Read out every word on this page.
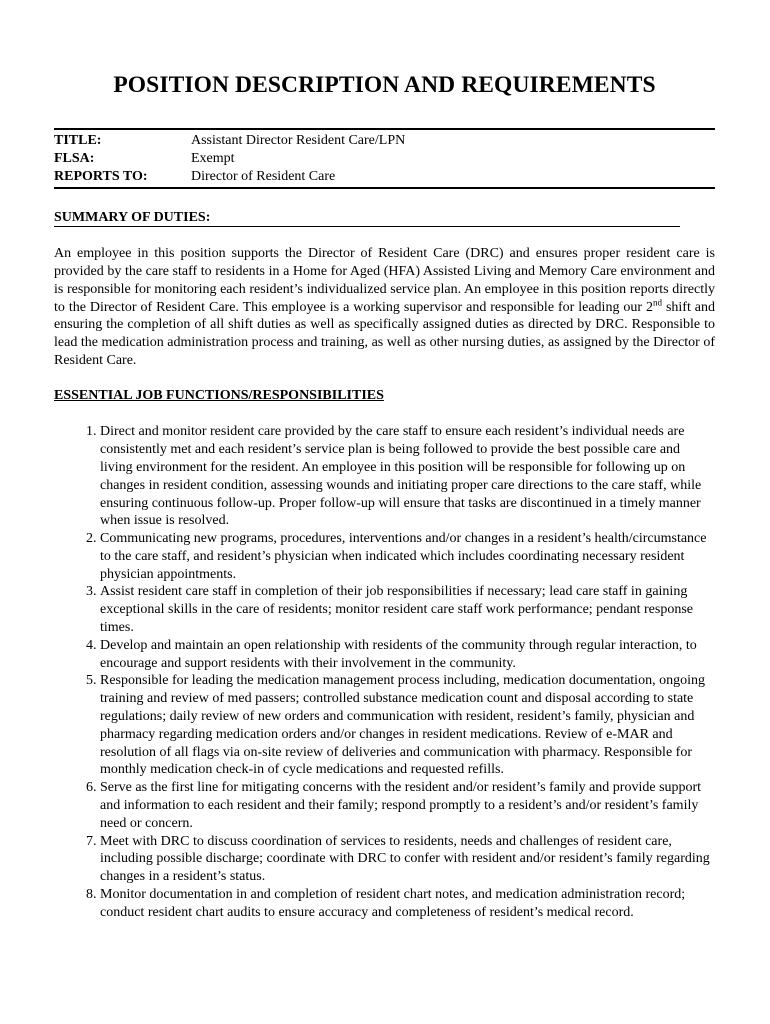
POSITION DESCRIPTION AND REQUIREMENTS
TITLE:	Assistant Director Resident Care/LPN
FLSA:	Exempt
REPORTS TO:	Director of Resident Care
SUMMARY OF DUTIES:

An employee in this position supports the Director of Resident Care (DRC) and ensures proper resident care is provided by the care staff to residents in a Home for Aged (HFA) Assisted Living and Memory Care environment and is responsible for monitoring each resident’s individualized service plan. An employee in this position reports directly to the Director of Resident Care. This employee is a working supervisor and responsible for leading our 2nd shift and ensuring the completion of all shift duties as well as specifically assigned duties as directed by DRC. Responsible to lead the medication administration process and training, as well as other nursing duties, as assigned by the Director of Resident Care.

ESSENTIAL JOB FUNCTIONS/RESPONSIBILITIES
1. Direct and monitor resident care provided by the care staff to ensure each resident’s individual needs are consistently met and each resident’s service plan is being followed to provide the best possible care and living environment for the resident. An employee in this position will be responsible for following up on changes in resident condition, assessing wounds and initiating proper care directions to the care staff, while ensuring continuous follow-up. Proper follow-up will ensure that tasks are discontinued in a timely manner when issue is resolved.
2. Communicating new programs, procedures, interventions and/or changes in a resident’s health/circumstance to the care staff, and resident’s physician when indicated which includes coordinating necessary resident physician appointments.
3. Assist resident care staff in completion of their job responsibilities if necessary; lead care staff in gaining exceptional skills in the care of residents; monitor resident care staff work performance; pendant response times.
4. Develop and maintain an open relationship with residents of the community through regular interaction, to encourage and support residents with their involvement in the community.
5. Responsible for leading the medication management process including, medication documentation, ongoing training and review of med passers; controlled substance medication count and disposal according to state regulations; daily review of new orders and communication with resident, resident’s family, physician and pharmacy regarding medication orders and/or changes in resident medications. Review of e-MAR and resolution of all flags via on-site review of deliveries and communication with pharmacy. Responsible for monthly medication check-in of cycle medications and requested refills.
6. Serve as the first line for mitigating concerns with the resident and/or resident’s family and provide support and information to each resident and their family; respond promptly to a resident’s and/or resident’s family need or concern.
7. Meet with DRC to discuss coordination of services to residents, needs and challenges of resident care, including possible discharge; coordinate with DRC to confer with resident and/or resident’s family regarding changes in a resident’s status.
8. Monitor documentation in and completion of resident chart notes, and medication administration record; conduct resident chart audits to ensure accuracy and completeness of resident’s medical record.
